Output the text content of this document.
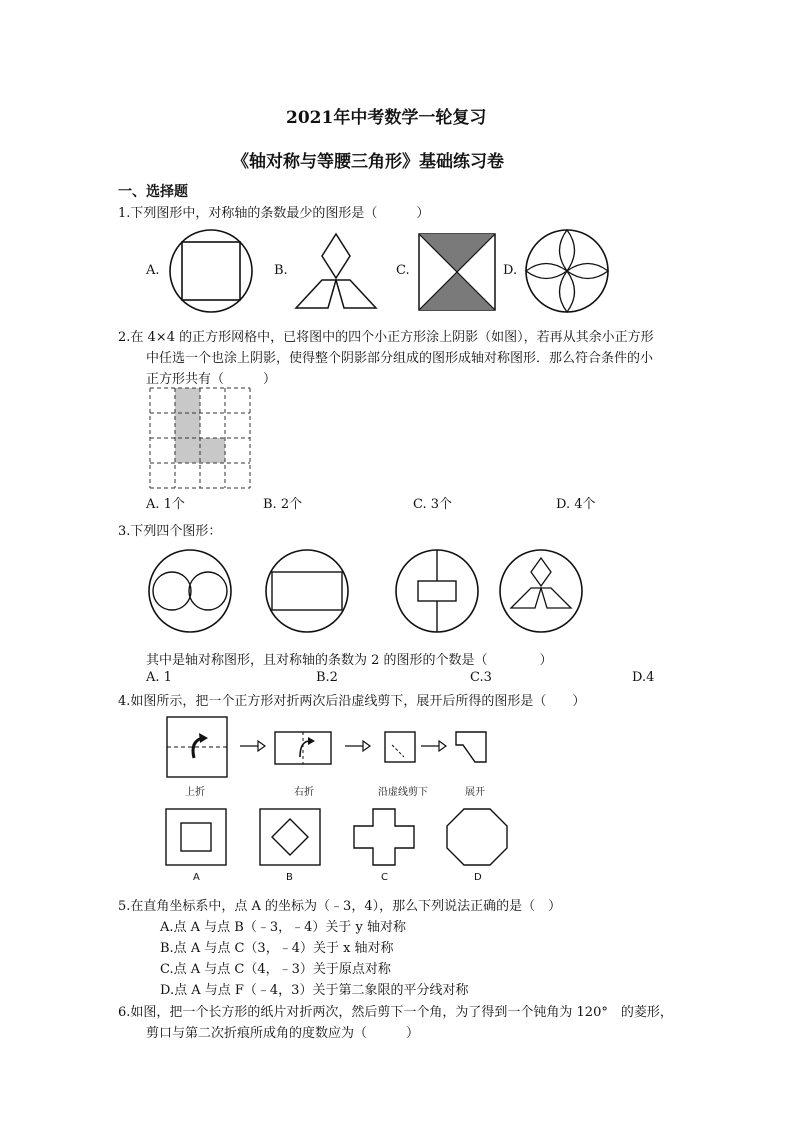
2021年中考数学一轮复习
《轴对称与等腰三角形》基础练习卷
一、选择题
1.下列图形中，对称轴的条数最少的图形是（　　　）
A.	B.	C.	D.
2.在 4×4 的正方形网格中，已将图中的四个小正方形涂上阴影（如图），若再从其余小正方形
中任选一个也涂上阴影，使得整个阴影部分组成的图形成轴对称图形．那么符合条件的小
正方形共有（　　　）
A. 1个	B. 2个	C. 3个	D. 4个
3.下列四个图形：
其中是轴对称图形，且对称轴的条数为 2 的图形的个数是（　　　　）
A. 1	B.2	C.3	D.4
4.如图所示，把一个正方形对折两次后沿虚线剪下，展开后所得的图形是（　　）
上折	右折	沿虚线剪下	展开
A	B	C	D
5.在直角坐标系中，点 A 的坐标为（﹣3，4），那么下列说法正确的是（　）
A.点 A 与点 B（﹣3，﹣4）关于 y 轴对称
B.点 A 与点 C（3，﹣4）关于 x 轴对称
C.点 A 与点 C（4，﹣3）关于原点对称
D.点 A 与点 F（﹣4，3）关于第二象限的平分线对称
6.如图，把一个长方形的纸片对折两次，然后剪下一个角，为了得到一个钝角为 120°　的菱形，
剪口与第二次折痕所成角的度数应为（　　　）
